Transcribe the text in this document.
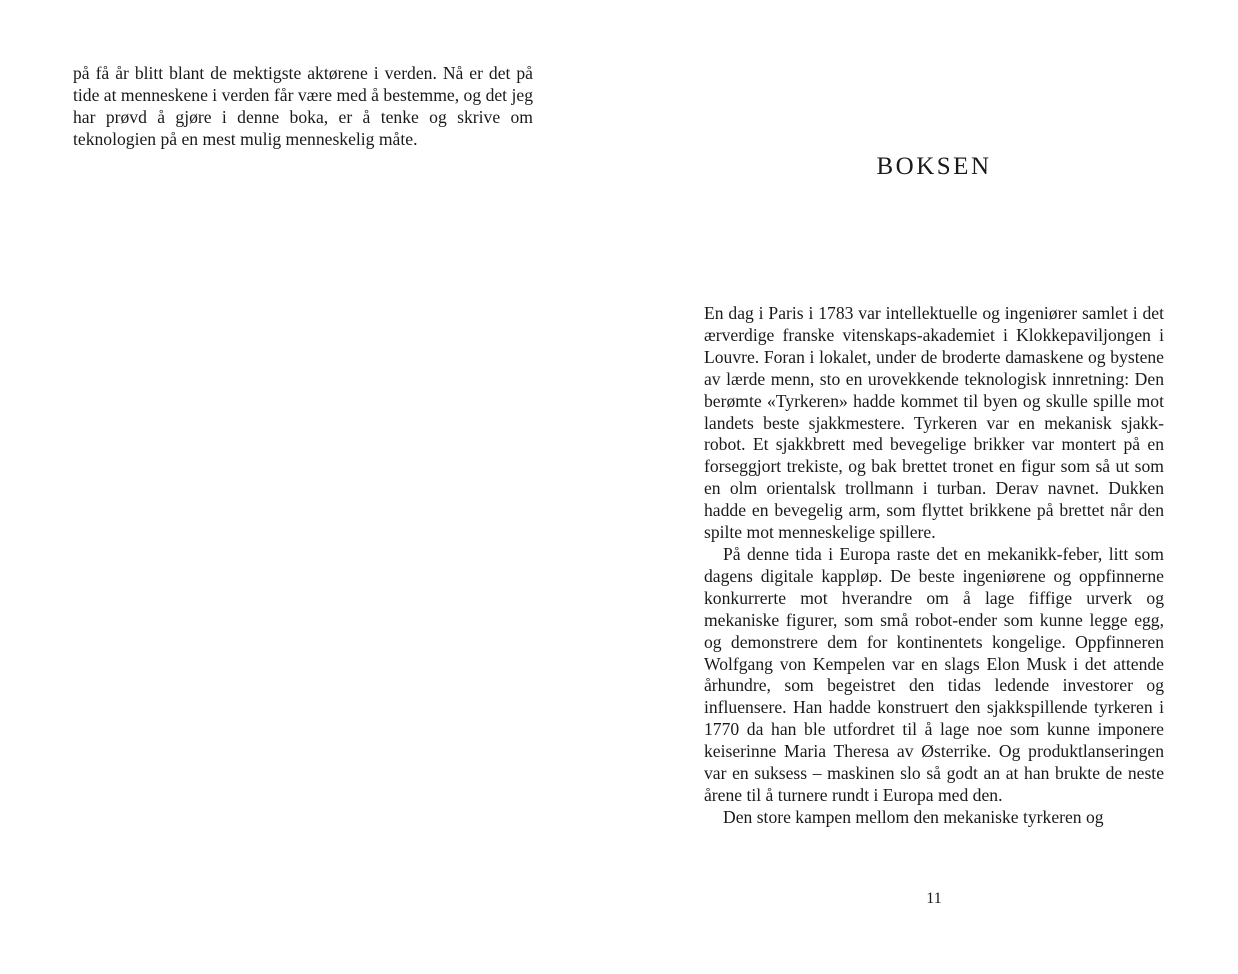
på få år blitt blant de mektigste aktørene i verden. Nå er det på tide at menneskene i verden får være med å bestemme, og det jeg har prøvd å gjøre i denne boka, er å tenke og skrive om teknologien på en mest mulig menneskelig måte.

BOKSEN

En dag i Paris i 1783 var intellektuelle og ingeniører samlet i det ærverdige franske vitenskaps-akademiet i Klokkepaviljongen i Louvre. Foran i lokalet, under de broderte damaskene og bystene av lærde menn, sto en urovekkende teknologisk innretning: Den berømte «Tyrkeren» hadde kommet til byen og skulle spille mot landets beste sjakkmestere. Tyrkeren var en mekanisk sjakk-robot. Et sjakkbrett med bevegelige brikker var montert på en forseggjort trekiste, og bak brettet tronet en figur som så ut som en olm orientalsk trollmann i turban. Derav navnet. Dukken hadde en bevegelig arm, som flyttet brikkene på brettet når den spilte mot menneskelige spillere.

På denne tida i Europa raste det en mekanikk-feber, litt som dagens digitale kappløp. De beste ingeniørene og oppfinnerne konkurrerte mot hverandre om å lage fiffige urverk og mekaniske figurer, som små robot-ender som kunne legge egg, og demonstrere dem for kontinentets kongelige. Oppfinneren Wolfgang von Kempelen var en slags Elon Musk i det attende århundre, som begeistret den tidas ledende investorer og influensere. Han hadde konstruert den sjakkspillende tyrkeren i 1770 da han ble utfordret til å lage noe som kunne imponere keiserinne Maria Theresa av Østerrike. Og produktlanseringen var en suksess – maskinen slo så godt an at han brukte de neste årene til å turnere rundt i Europa med den.

Den store kampen mellom den mekaniske tyrkeren og

11
